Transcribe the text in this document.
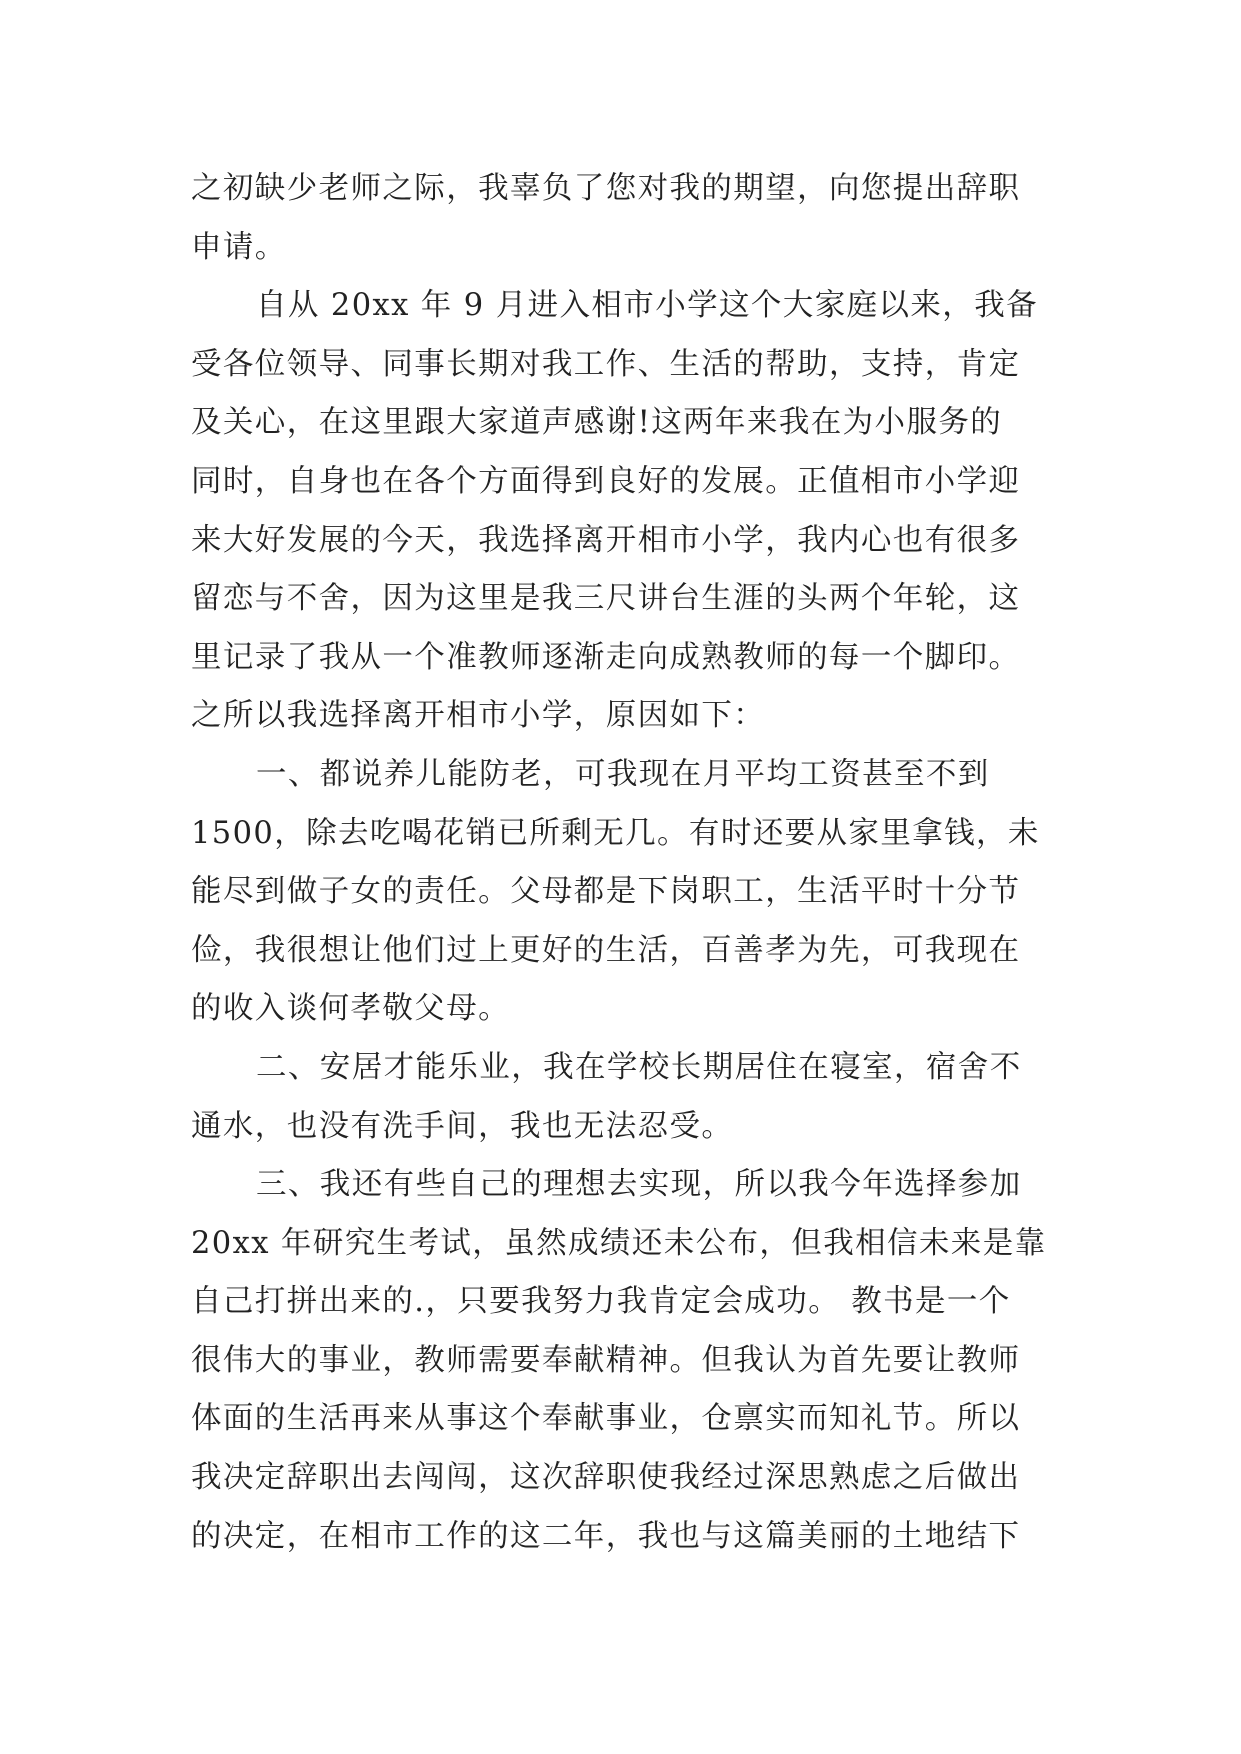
之初缺少老师之际，我辜负了您对我的期望，向您提出辞职
申请。
自从 20xx 年 9 月进入相市小学这个大家庭以来，我备
受各位领导、同事长期对我工作、生活的帮助，支持，肯定
及关心，在这里跟大家道声感谢!这两年来我在为小服务的
同时，自身也在各个方面得到良好的发展。正值相市小学迎
来大好发展的今天，我选择离开相市小学，我内心也有很多
留恋与不舍，因为这里是我三尺讲台生涯的头两个年轮，这
里记录了我从一个准教师逐渐走向成熟教师的每一个脚印。
之所以我选择离开相市小学，原因如下：
一、都说养儿能防老，可我现在月平均工资甚至不到
1500，除去吃喝花销已所剩无几。有时还要从家里拿钱，未
能尽到做子女的责任。父母都是下岗职工，生活平时十分节
俭，我很想让他们过上更好的生活，百善孝为先，可我现在
的收入谈何孝敬父母。
二、安居才能乐业，我在学校长期居住在寝室，宿舍不
通水，也没有洗手间，我也无法忍受。
三、我还有些自己的理想去实现，所以我今年选择参加
20xx 年研究生考试，虽然成绩还未公布，但我相信未来是靠
自己打拼出来的.，只要我努力我肯定会成功。 教书是一个
很伟大的事业，教师需要奉献精神。但我认为首先要让教师
体面的生活再来从事这个奉献事业，仓禀实而知礼节。所以
我决定辞职出去闯闯，这次辞职使我经过深思熟虑之后做出
的决定，在相市工作的这二年，我也与这篇美丽的土地结下
